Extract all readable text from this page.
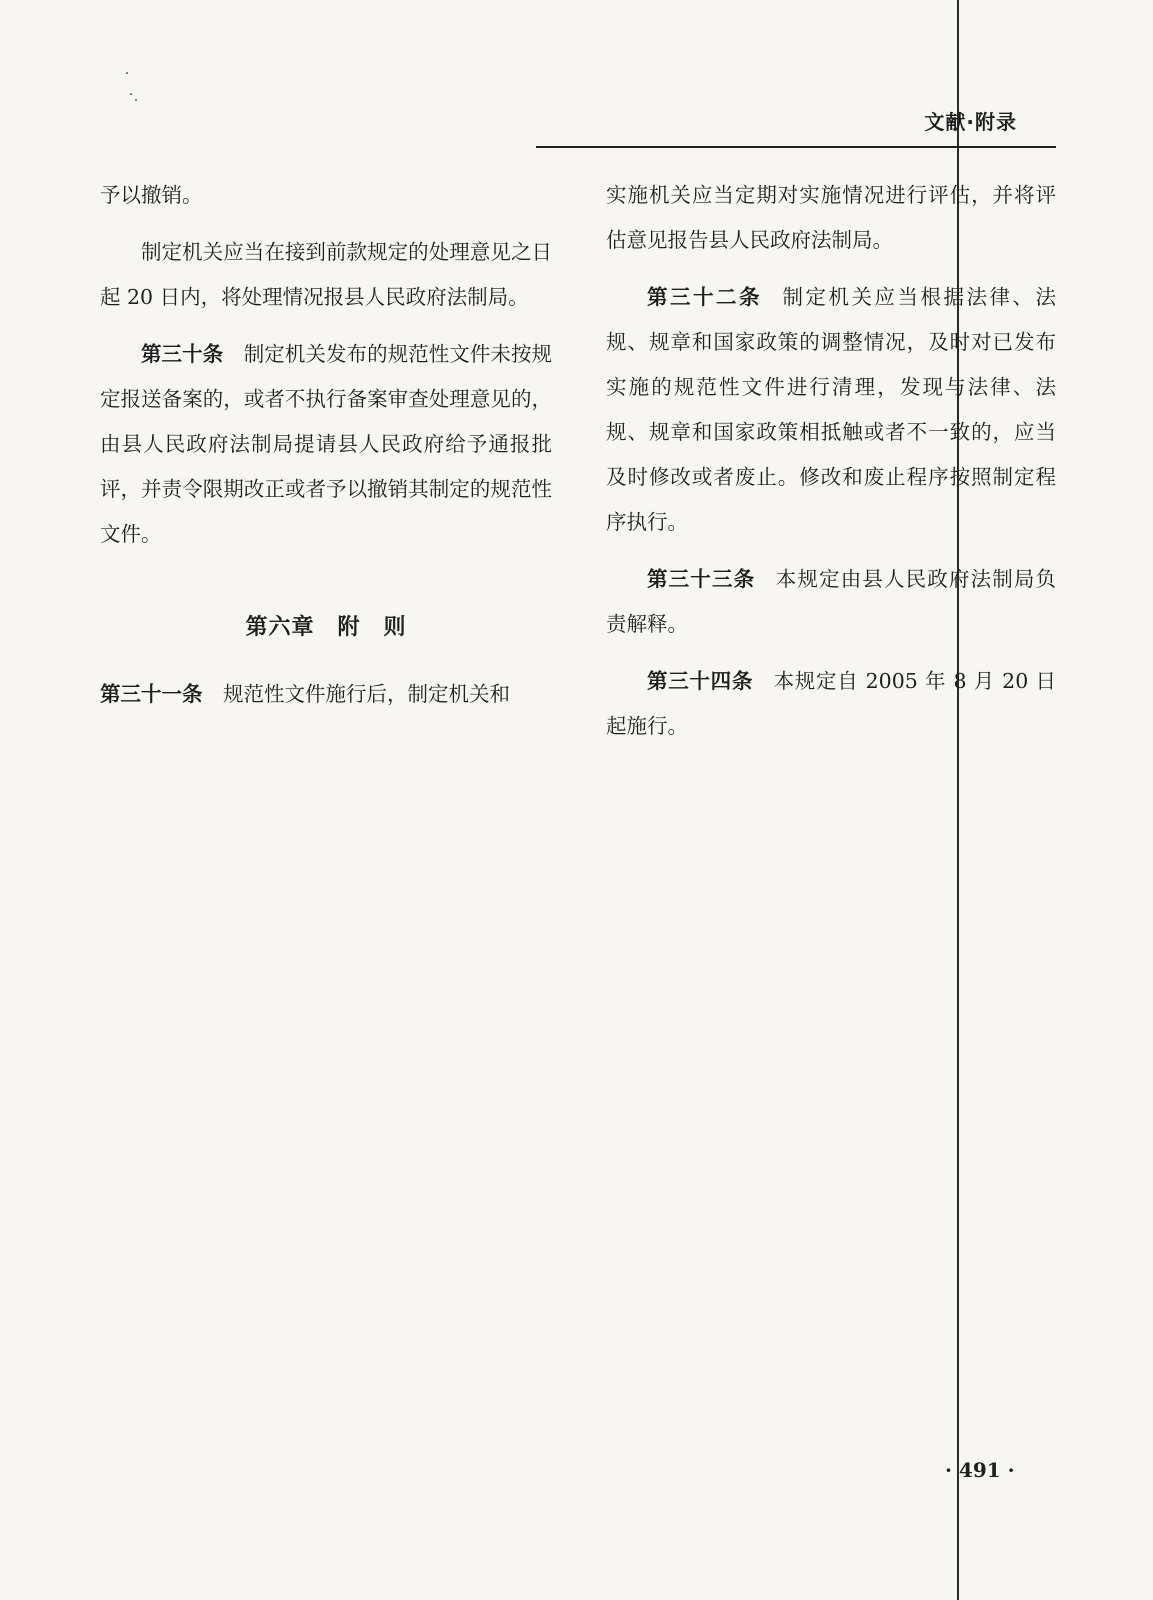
文献·附录

予以撤销。

制定机关应当在接到前款规定的处理意见之日起 20 日内，将处理情况报县人民政府法制局。

第三十条 制定机关发布的规范性文件未按规定报送备案的，或者不执行备案审查处理意见的，由县人民政府法制局提请县人民政府给予通报批评，并责令限期改正或者予以撤销其制定的规范性文件。

第六章　附　则

第三十一条 规范性文件施行后，制定机关和

实施机关应当定期对实施情况进行评估，并将评估意见报告县人民政府法制局。

第三十二条 制定机关应当根据法律、法规、规章和国家政策的调整情况，及时对已发布实施的规范性文件进行清理，发现与法律、法规、规章和国家政策相抵触或者不一致的，应当及时修改或者废止。修改和废止程序按照制定程序执行。

第三十三条 本规定由县人民政府法制局负责解释。

第三十四条 本规定自 2005 年 8 月 20 日起施行。

· 491 ·
